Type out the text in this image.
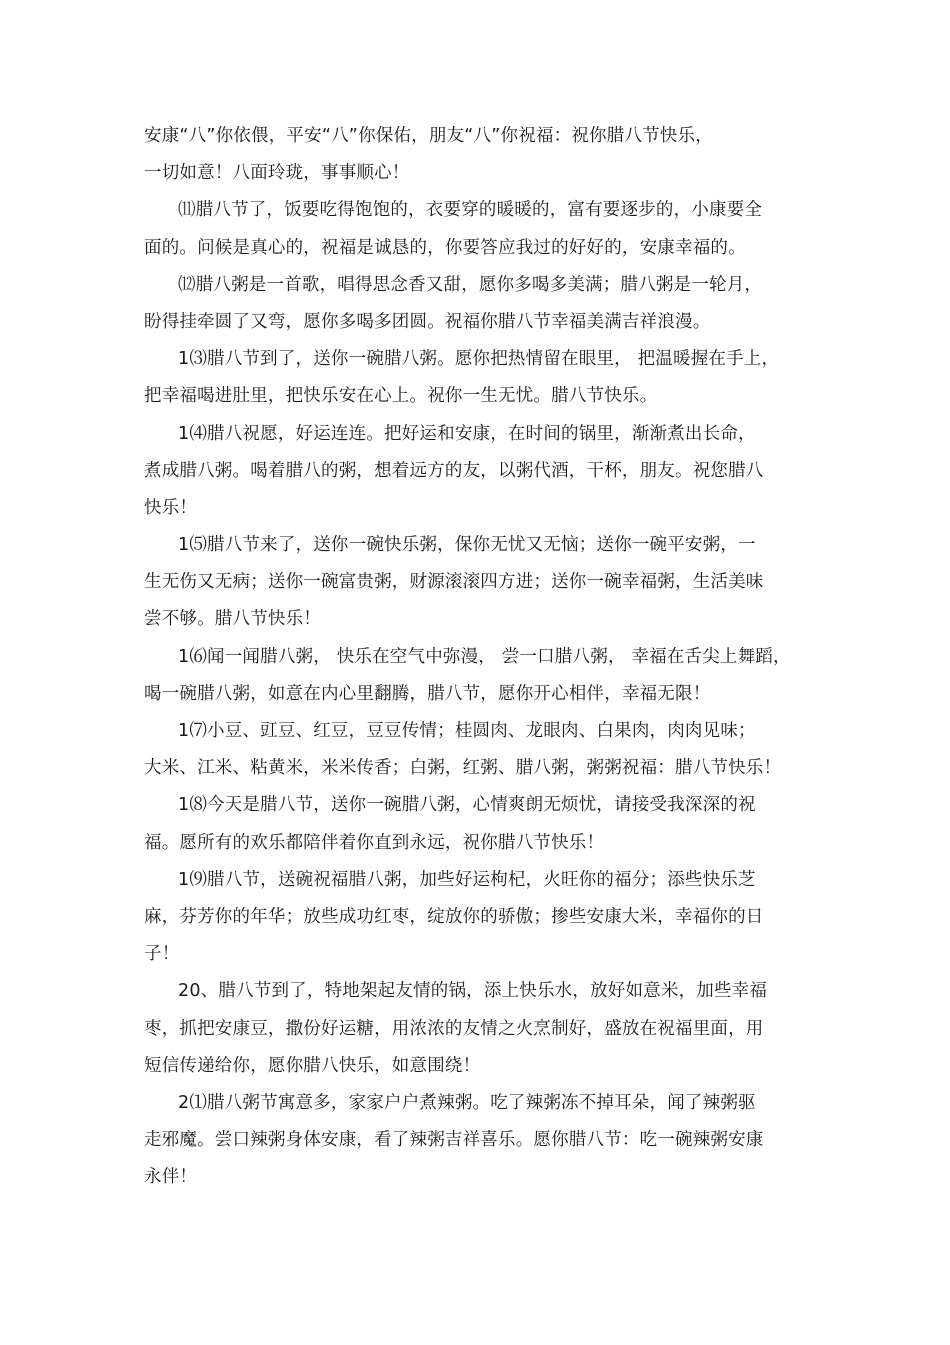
安康“八”你依偎，平安“八”你保佑，朋友“八”你祝福：祝你腊八节快乐，
一切如意！八面玲珑，事事顺心！
⑾腊八节了，饭要吃得饱饱的，衣要穿的暖暖的，富有要逐步的，小康要全
面的。问候是真心的，祝福是诚恳的，你要答应我过的好好的，安康幸福的。
⑿腊八粥是一首歌，唱得思念香又甜，愿你多喝多美满；腊八粥是一轮月，
盼得挂牵圆了又弯，愿你多喝多团圆。祝福你腊八节幸福美满吉祥浪漫。
1⑶腊八节到了，送你一碗腊八粥。愿你把热情留在眼里， 把温暖握在手上，
把幸福喝进肚里，把快乐安在心上。祝你一生无忧。腊八节快乐。
1⑷腊八祝愿，好运连连。把好运和安康，在时间的锅里，渐渐煮出长命，
煮成腊八粥。喝着腊八的粥，想着远方的友，以粥代酒，干杯，朋友。祝您腊八
快乐！
1⑸腊八节来了，送你一碗快乐粥，保你无忧又无恼；送你一碗平安粥，一
生无伤又无病；送你一碗富贵粥，财源滚滚四方进；送你一碗幸福粥，生活美味
尝不够。腊八节快乐！
1⑹闻一闻腊八粥， 快乐在空气中弥漫， 尝一口腊八粥， 幸福在舌尖上舞蹈，
喝一碗腊八粥，如意在内心里翻腾，腊八节，愿你开心相伴，幸福无限！
1⑺小豆、豇豆、红豆，豆豆传情；桂圆肉、龙眼肉、白果肉，肉肉见味；
大米、江米、粘黄米，米米传香；白粥，红粥、腊八粥，粥粥祝福：腊八节快乐！
1⑻今天是腊八节，送你一碗腊八粥，心情爽朗无烦忧，请接受我深深的祝
福。愿所有的欢乐都陪伴着你直到永远，祝你腊八节快乐！
1⑼腊八节，送碗祝福腊八粥，加些好运枸杞，火旺你的福分；添些快乐芝
麻，芬芳你的年华；放些成功红枣，绽放你的骄傲；掺些安康大米，幸福你的日
子！
20、腊八节到了，特地架起友情的锅，添上快乐水，放好如意米，加些幸福
枣，抓把安康豆，撒份好运糖，用浓浓的友情之火烹制好，盛放在祝福里面，用
短信传递给你，愿你腊八快乐，如意围绕！
2⑴腊八粥节寓意多，家家户户煮辣粥。吃了辣粥冻不掉耳朵，闻了辣粥驱
走邪魔。尝口辣粥身体安康，看了辣粥吉祥喜乐。愿你腊八节：吃一碗辣粥安康
永伴！
